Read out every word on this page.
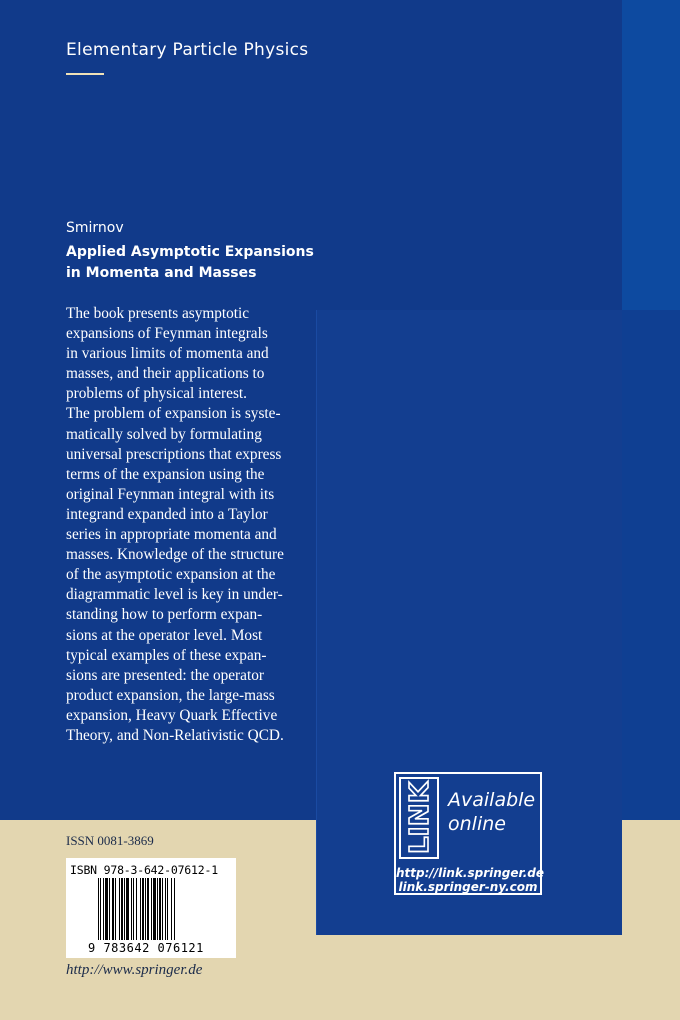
Elementary Particle Physics
Smirnov
Applied Asymptotic Expansions
in Momenta and Masses
The book presents asymptotic
expansions of Feynman integrals
in various limits of momenta and
masses, and their applications to
problems of physical interest.
The problem of expansion is syste-
matically solved by formulating
universal prescriptions that express
terms of the expansion using the
original Feynman integral with its
integrand expanded into a Taylor
series in appropriate momenta and
masses. Knowledge of the structure
of the asymptotic expansion at the
diagrammatic level is key in under-
standing how to perform expan-
sions at the operator level. Most
typical examples of these expan-
sions are presented: the operator
product expansion, the large-mass
expansion, Heavy Quark Effective
Theory, and Non-Relativistic QCD.
LINK Available
online
http://link.springer.de
link.springer-ny.com
ISSN 0081-3869
ISBN 978-3-642-07612-1
9 783642 076121
http://www.springer.de
